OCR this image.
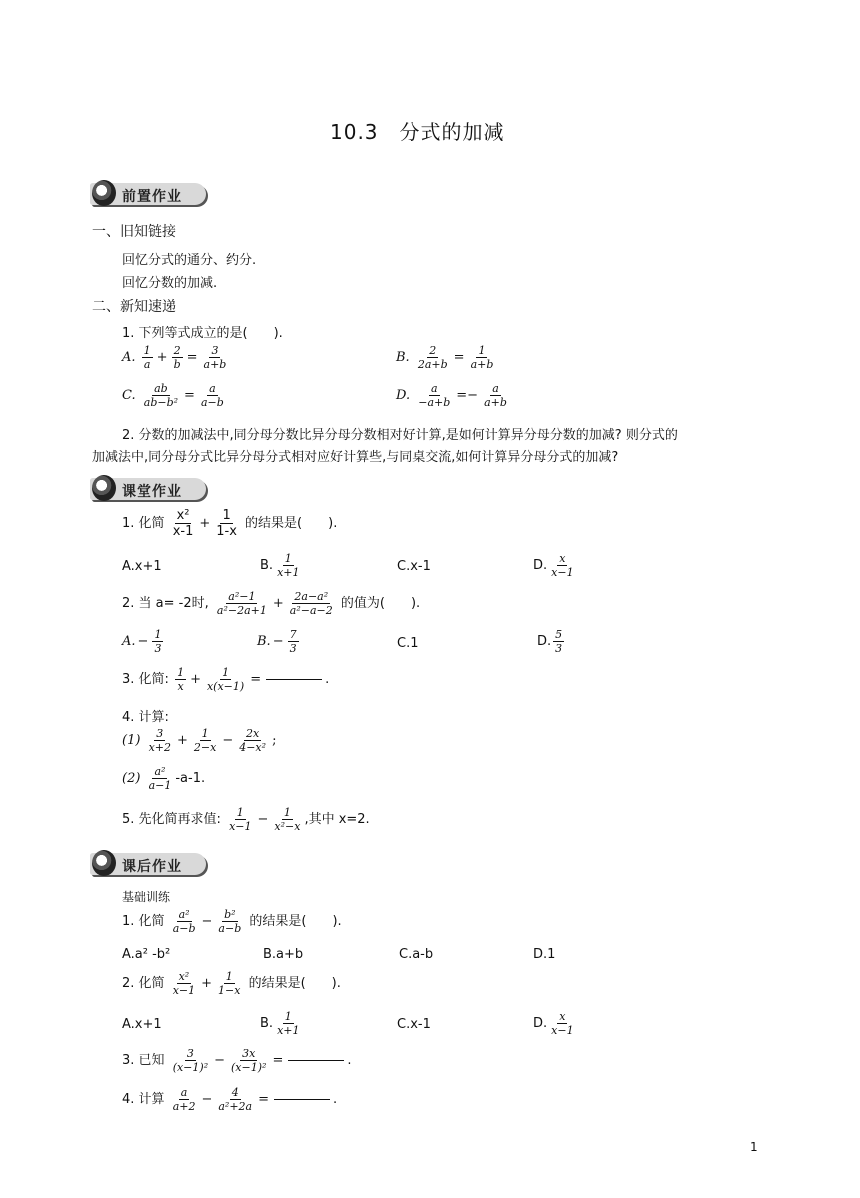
10.3　分式的加减
前置作业
一、旧知链接
回忆分式的通分、约分.
回忆分数的加减.
二、新知速递
1. 下列等式成立的是(　　).
A. $\frac{1}{a} + \frac{2}{b} = \frac{3}{a+b}$	B. $\frac{2}{2a+b} = \frac{1}{a+b}$
C. $\frac{ab}{\text{ab−b²}} = \frac{a}{a-b}$	D. $\frac{a}{-a+b} =- \frac{a}{a+b}$
2. 分数的加减法中,同分母分数比异分母分数相对好计算,是如何计算异分母分数的加减? 则分式的
加减法中,同分母分式比异分母分式相对应好计算些,与同桌交流,如何计算异分母分式的加减?
课堂作业
1. 化简 $\frac{\text{x²}}{x-1} + \frac{1}{1-x}$ 的结果是(　　).
A.x+1	B. $\frac{1}{x+1}$	C.x-1	D. $\frac{x}{x-1}$
2. 当 a= -2时, $\frac{\text{a²−1}}{\text{a²−2a+1}} + \frac{\text{2a−a²}}{\text{a²−a−2}}$ 的值为(　　).
A. − $\frac{1}{3}$	B. − $\frac{7}{3}$	C.1	D. $\frac{5}{3}$
3. 化简: $\frac{1}{x} + \frac{1}{x(x-1)}$ =	.
4. 计算:
$(1) \frac{3}{x+2} + \frac{1}{2-x} - \frac{2x}{\text{4−x²}}$ ;
$(2) \frac{\text{a²}}{a-1} -a-1$.
5. 先化简再求值: $\frac{1}{x-1} - \frac{1}{\text{x²−x}}$ ,其中 x=2.
课后作业
基础训练
1. 化简 $\frac{\text{a²}}{a-b} - \frac{\text{b²}}{a-b}$ 的结果是(　　).
A.a² -b²	B.a+b	C.a-b	D.1
2. 化简 $\frac{\text{x²}}{x-1} + \frac{1}{1-x}$ 的结果是(　　).
A.x+1	B. $\frac{1}{x+1}$	C.x-1	D. $\frac{x}{x-1}$
3. 已知 $\frac{3}{\text{(x−1)²}} - \frac{3x}{\text{(x−1)²}}$ =	.
4. 计算 $\frac{a}{a+2} - \frac{4}{\text{a²+2a}}$ =	.
1
